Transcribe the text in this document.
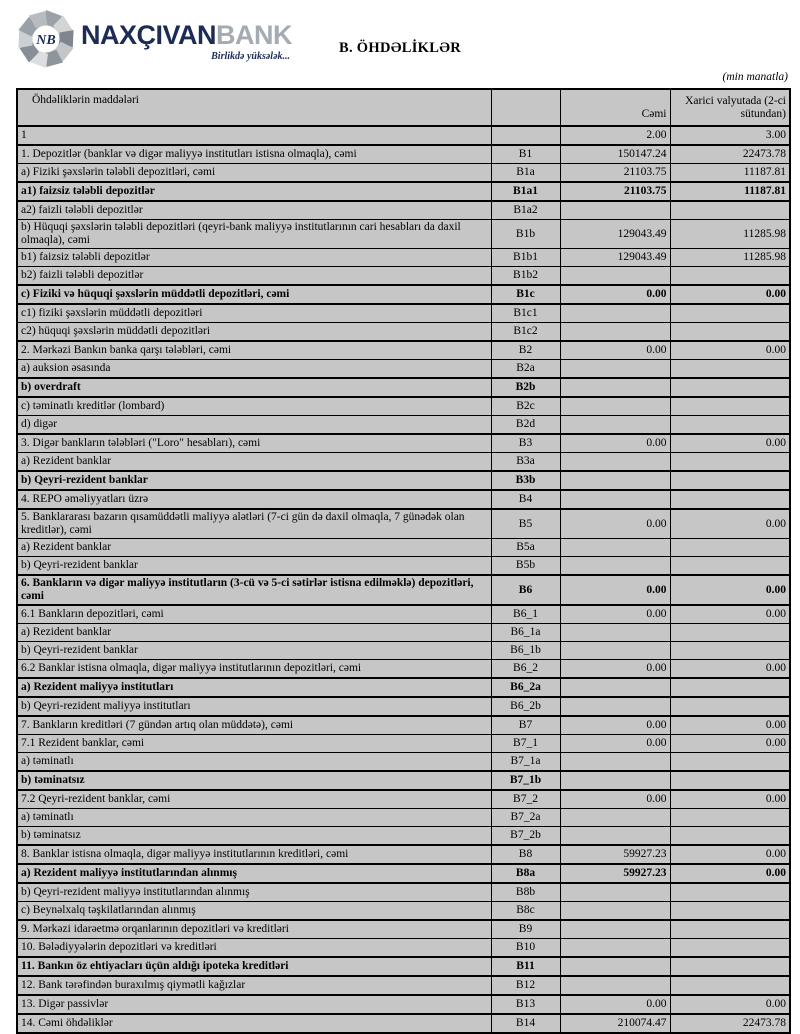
NB NAXÇIVANBANK
Birlikdə yüksələk...
B. ÖHDƏLİKLƏR
(min manatla)
Öhdəliklərin maddələri		Cəmi	Xarici valyutada (2-ci sütundan)
1		2.00	3.00
1. Depozitlər (banklar və digər maliyyə institutları istisna olmaqla), cəmi	B1	150147.24	22473.78
a) Fiziki şəxslərin tələbli depozitləri, cəmi	B1a	21103.75	11187.81
a1) faizsiz tələbli depozitlər	B1a1	21103.75	11187.81
a2) faizli tələbli depozitlər	B1a2		
b) Hüquqi şəxslərin tələbli depozitləri (qeyri-bank maliyyə institutlarının cari hesabları da daxil olmaqla), cəmi	B1b	129043.49	11285.98
b1) faizsiz tələbli depozitlər	B1b1	129043.49	11285.98
b2) faizli tələbli depozitlər	B1b2		
c) Fiziki və hüquqi şəxslərin müddətli depozitləri, cəmi	B1c	0.00	0.00
c1) fiziki şəxslərin müddətli depozitləri	B1c1		
c2) hüquqi şəxslərin müddətli depozitləri	B1c2		
2. Mərkəzi Bankın banka qarşı tələbləri, cəmi	B2	0.00	0.00
a) auksion əsasında	B2a		
b) overdraft	B2b		
c) təminatlı kreditlər (lombard)	B2c		
d) digər	B2d		
3. Digər bankların tələbləri ("Loro" hesabları), cəmi	B3	0.00	0.00
a) Rezident banklar	B3a		
b) Qeyri-rezident banklar	B3b		
4. REPO əməliyyatları üzrə	B4		
5. Banklararası bazarın qısamüddətli maliyyə alətləri (7-ci gün də daxil olmaqla, 7 günədək olan kreditlər), cəmi	B5	0.00	0.00
a) Rezident banklar	B5a		
b) Qeyri-rezident banklar	B5b		
6. Bankların və digər maliyyə institutların (3-cü və 5-ci sətirlər istisna edilməklə) depozitləri, cəmi	B6	0.00	0.00
6.1 Bankların depozitləri, cəmi	B6_1	0.00	0.00
a) Rezident banklar	B6_1a		
b) Qeyri-rezident banklar	B6_1b		
6.2 Banklar istisna olmaqla, digər maliyyə institutlarının depozitləri, cəmi	B6_2	0.00	0.00
a) Rezident maliyyə institutları	B6_2a		
b) Qeyri-rezident maliyyə institutları	B6_2b		
7. Bankların kreditləri (7 gündən artıq olan müddətə), cəmi	B7	0.00	0.00
7.1 Rezident banklar, cəmi	B7_1	0.00	0.00
a) təminatlı	B7_1a		
b) təminatsız	B7_1b		
7.2 Qeyri-rezident banklar, cəmi	B7_2	0.00	0.00
a) təminatlı	B7_2a		
b) təminatsız	B7_2b		
8. Banklar istisna olmaqla, digər maliyyə institutlarının kreditləri, cəmi	B8	59927.23	0.00
a) Rezident maliyyə institutlarından alınmış	B8a	59927.23	0.00
b) Qeyri-rezident maliyyə institutlarından alınmış	B8b		
c) Beynəlxalq təşkilatlarından alınmış	B8c		
9. Mərkəzi idarəetmə orqanlarının depozitləri və kreditləri	B9		
10. Bələdiyyələrin depozitləri və kreditləri	B10		
11. Bankın öz ehtiyacları üçün aldığı ipoteka kreditləri	B11		
12. Bank tərəfindən buraxılmış qiymətli kağızlar	B12		
13. Digər passivlər	B13	0.00	0.00
14. Cəmi öhdəliklər	B14	210074.47	22473.78
